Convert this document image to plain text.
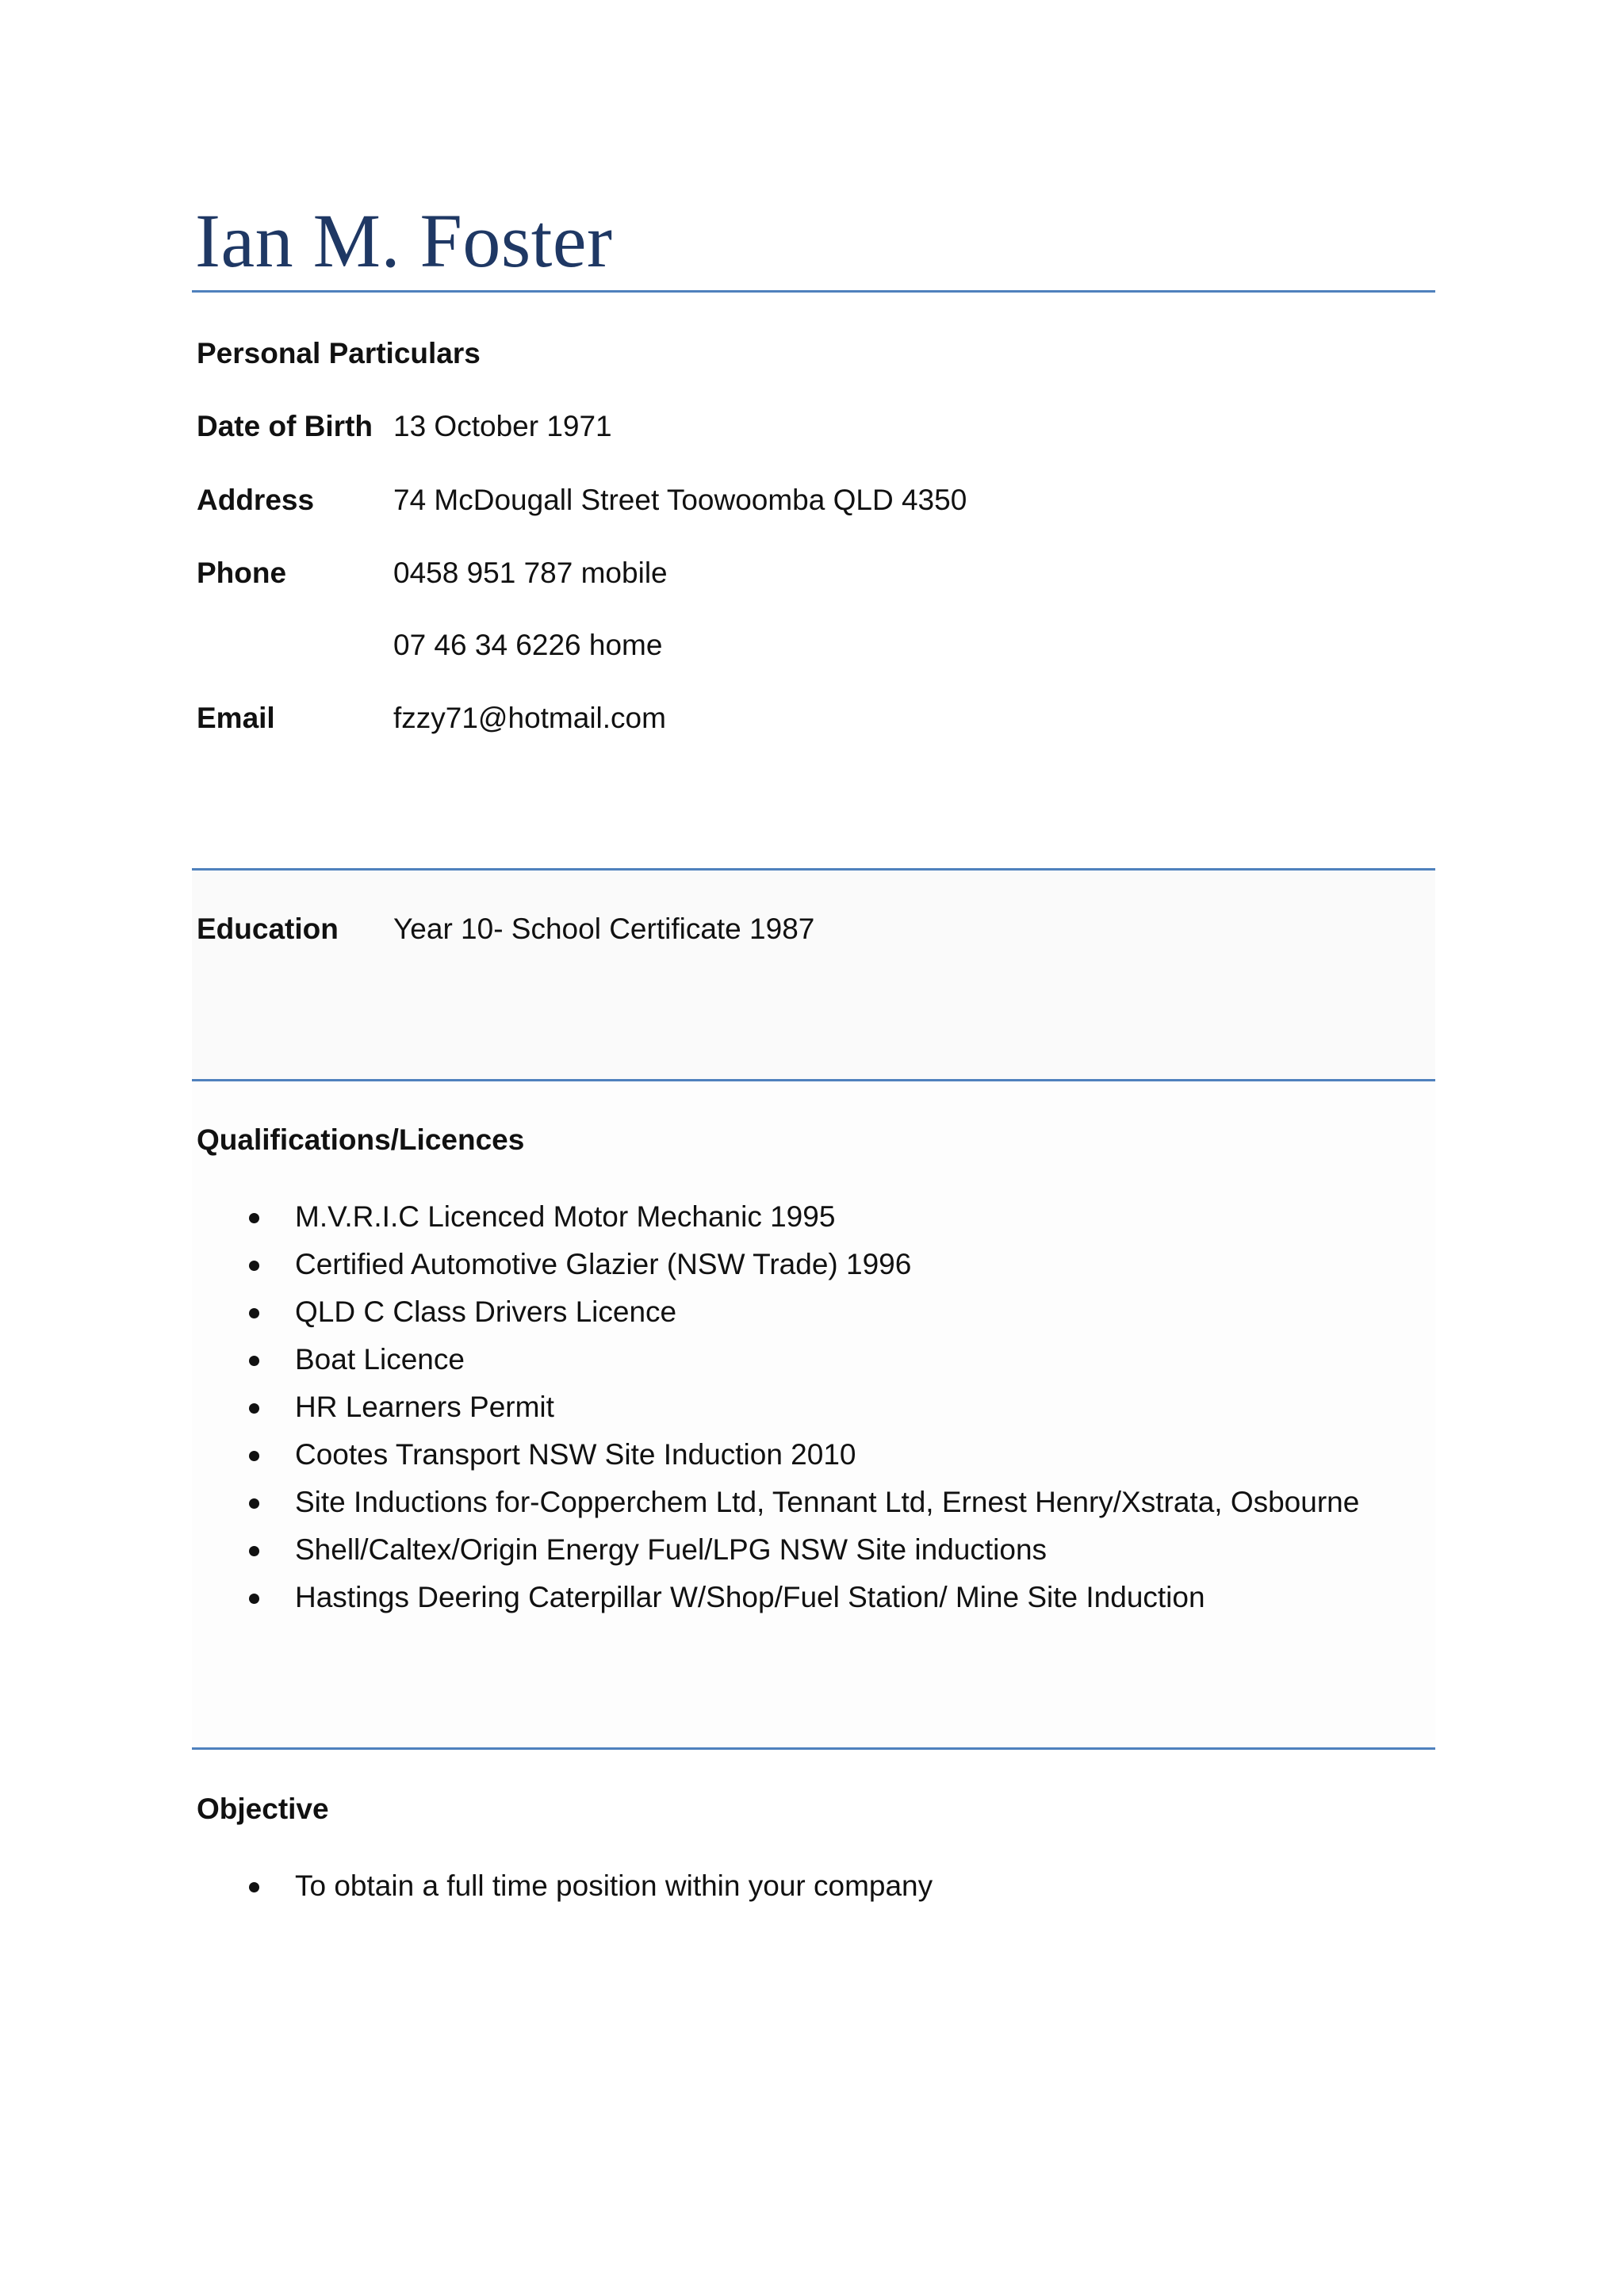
Ian M. Foster
Personal Particulars
Date of Birth 13 October 1971
Address	74 McDougall Street Toowoomba QLD 4350
Phone	0458 951 787 mobile
07 46 34 6226 home
Email	fzzy71@hotmail.com
Education Year 10- School Certificate 1987
Qualifications/Licences
M.V.R.I.C Licenced Motor Mechanic 1995
Certified Automotive Glazier (NSW Trade) 1996
QLD C Class Drivers Licence
Boat Licence
HR Learners Permit
Cootes Transport NSW Site Induction 2010
Site Inductions for-Copperchem Ltd, Tennant Ltd, Ernest Henry/Xstrata, Osbourne
Shell/Caltex/Origin Energy Fuel/LPG NSW Site inductions
Hastings Deering Caterpillar W/Shop/Fuel Station/ Mine Site Induction
Objective
To obtain a full time position within your company
